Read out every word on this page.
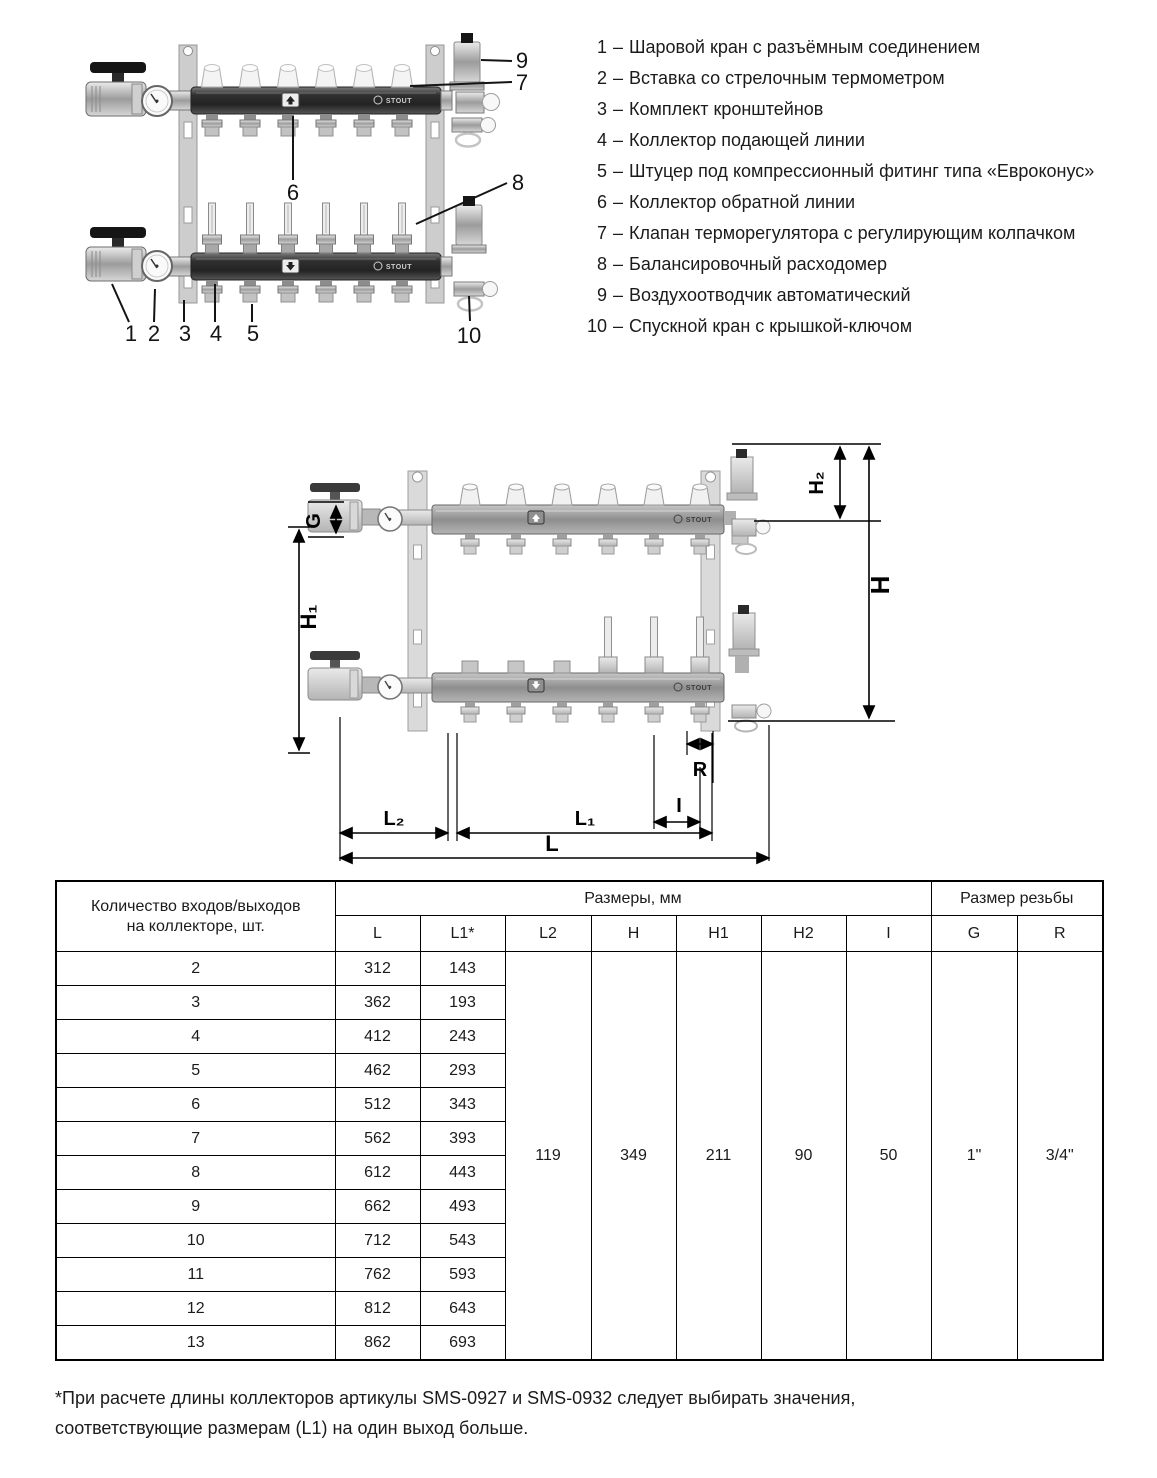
STOUT
STOUT
1 2 3 4 5
6
7
8
9
10
1 – Шаровой кран с разъёмным соединением
2 – Вставка со стрелочным термометром
3 – Комплект кронштейнов
4 – Коллектор подающей линии
5 – Штуцер под компрессионный фитинг типа «Евроконус»
6 – Коллектор обратной линии
7 – Клапан терморегулятора с регулирующим колпачком
8 – Балансировочный расходомер
9 – Воздухоотводчик автоматический
10 – Спускной кран с крышкой-ключом
STOUT
STOUT
G
H₁
H₂
H
L₂	L₁
L
I
R
Количество входов/выходов
на коллекторе, шт.	Размеры, мм							Размер резьбы	
	L	L1*	L2	H	H1	H2	I	G	R
2	312	143	119	349	211	90	50	1"	3/4"
3	362	193							
4	412	243							
5	462	293							
6	512	343							
7	562	393							
8	612	443							
9	662	493							
10	712	543							
11	762	593							
12	812	643							
13	862	693							
*При расчете длины коллекторов артикулы SMS-0927 и SMS-0932 следует выбирать значения,
соответствующие размерам (L1) на один выход больше.
